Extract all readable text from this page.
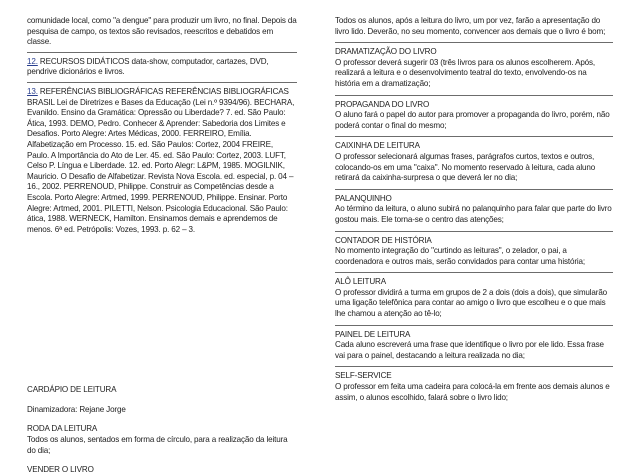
comunidade local, como "a dengue" para produzir um livro, no final. Depois da pesquisa de campo, os textos são revisados, reescritos e debatidos em classe.

12. RECURSOS DIDÁTICOS data-show, computador, cartazes, DVD, pendrive dicionários e livros.

13. REFERÊNCIAS BIBLIOGRÁFICAS REFERÊNCIAS BIBLIOGRÁFICAS BRASIL Lei de Diretrizes e Bases da Educação (Lei n.º 9394/96). BECHARA, Evanildo. Ensino da Gramática: Opressão ou Liberdade? 7. ed. São Paulo: Ática, 1993. DEMO, Pedro. Conhecer & Aprender: Sabedoria dos Limites e Desafios. Porto Alegre: Artes Médicas, 2000. FERREIRO, Emília. Alfabetização em Processo. 15. ed. São Paulos: Cortez, 2004 FREIRE, Paulo. A Importância do Ato de Ler. 45. ed. São Paulo: Cortez, 2003. LUFT, Celso P. Língua e Liberdade. 12. ed. Porto Alegr: L&PM, 1985. MOGILNIK, Mauricio. O Desafio de Alfabetizar. Revista Nova Escola. ed. especial, p. 04 – 16., 2002. PERRENOUD, Philippe. Construir as Competências desde a Escola. Porto Alegre: Artmed, 1999. PERRENOUD, Philippe. Ensinar. Porto Alegre: Artmed, 2001. PILETTI, Nelson. Psicologia Educacional. São Paulo: ática, 1988. WERNECK, Hamilton. Ensinamos demais e aprendemos de menos. 6ª ed. Petrópolis: Vozes, 1993. p. 62 – 3.

CARDÁPIO DE LEITURA

Dinamizadora: Rejane Jorge

RODA DA LEITURA

Todos os alunos, sentados em forma de círculo, para a realização da leitura do dia;

VENDER O LIVRO

Todos os alunos, após a leitura do livro, um por vez, farão a apresentação do livro lido. Deverão, no seu momento, convencer aos demais que o livro é bom;

DRAMATIZAÇÃO DO LIVRO

O professor deverá sugerir 03 (três livros para os alunos escolherem. Após, realizará a leitura e o desenvolvimento teatral do texto, envolvendo-os na história em a dramatização;

PROPAGANDA DO LIVRO

O aluno fará o papel do autor para promover a propaganda do livro, porém, não poderá contar o final do mesmo;

CAIXINHA DE LEITURA

O professor selecionará algumas frases, parágrafos curtos, textos e outros, colocando-os em uma "caixa". No momento reservado à leitura, cada aluno retirará da caixinha-surpresa o que deverá ler no dia;

PALANQUINHO

Ao término da leitura, o aluno subirá no palanquinho para falar que parte do livro gostou mais. Ele torna-se o centro das atenções;

CONTADOR DE HISTÓRIA

No momento integração do "curtindo as leituras", o zelador, o pai, a coordenadora e outros mais, serão convidados para contar uma história;

ALÔ LEITURA

O professor dividirá a turma em grupos de 2 a dois (dois a dois), que simularão uma ligação telefônica para contar ao amigo o livro que escolheu e o que mais lhe chamou a atenção ao tê-lo;

PAINEL DE LEITURA

Cada aluno escreverá uma frase que identifique o livro por ele lido. Essa frase vai para o painel, destacando a leitura realizada no dia;

SELF-SERVICE

O professor em feita uma cadeira para colocá-la em frente aos demais alunos e assim, o alunos escolhido, falará sobre o livro lido;
